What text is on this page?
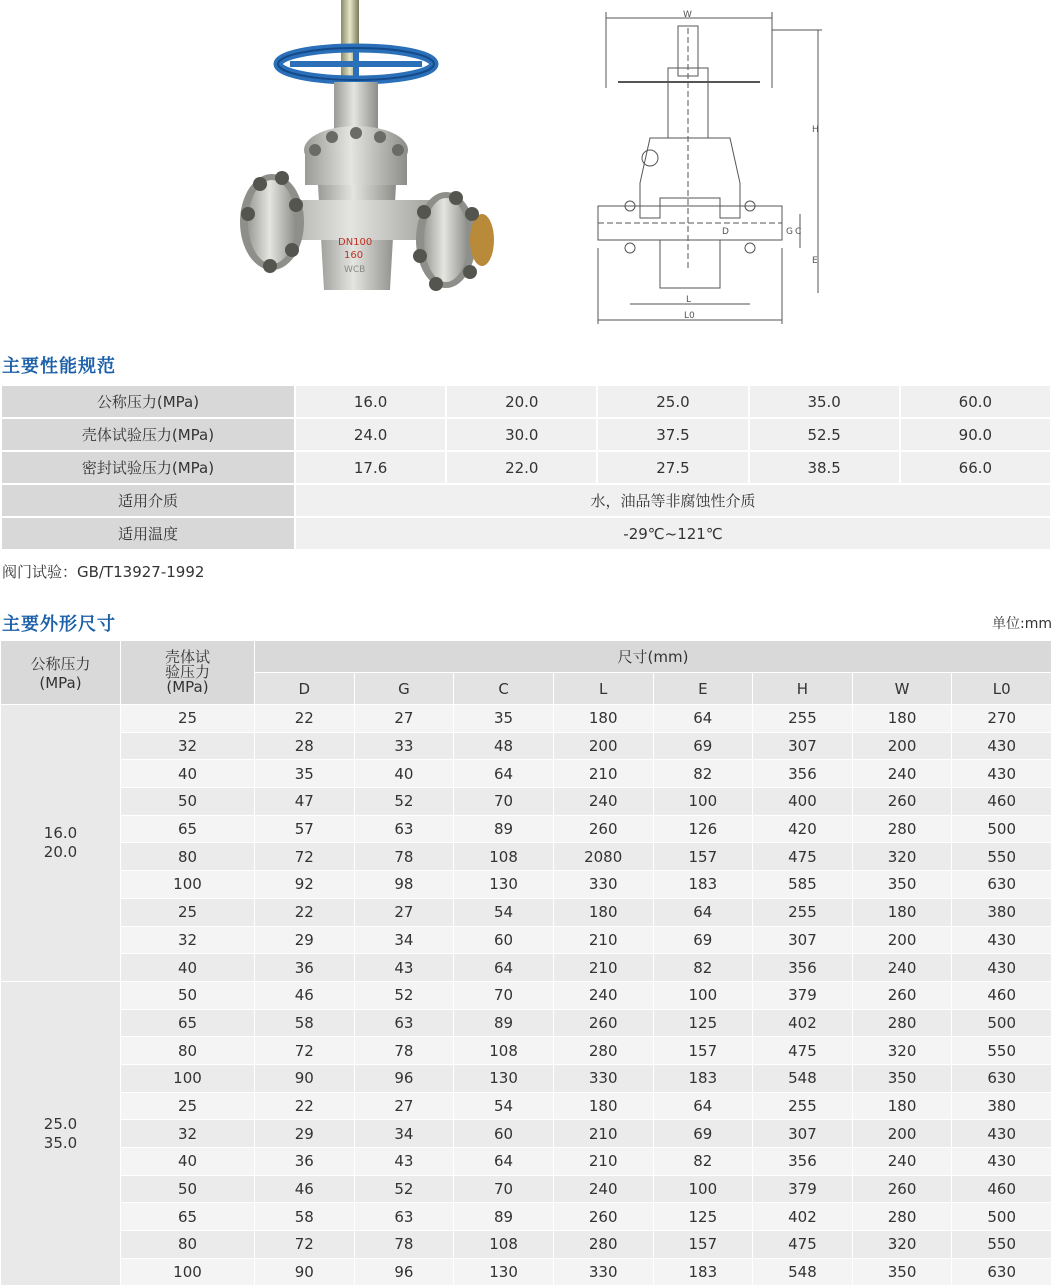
DN100
160
WCB
W
H
E
G C
D
L
L0
主要性能规范
公称压力(MPa)	16.0	20.0	25.0	35.0	60.0
壳体试验压力(MPa)	24.0	30.0	37.5	52.5	90.0
密封试验压力(MPa)	17.6	22.0	27.5	38.5	66.0
适用介质	水，油品等非腐蚀性介质				
适用温度	-29℃~121℃				
阀门试验：GB/T13927-1992
主要外形尺寸	单位:mm
公称压力
(MPa)	壳体试
验压力
(MPa)	尺寸(mm)							
		D	G	C	L	E	H	W	L0
16.0
20.0	25	22	27	35	180	64	255	180	270
	32	28	33	48	200	69	307	200	430
	40	35	40	64	210	82	356	240	430
	50	47	52	70	240	100	400	260	460
	65	57	63	89	260	126	420	280	500
	80	72	78	108	2080	157	475	320	550
	100	92	98	130	330	183	585	350	630
	25	22	27	54	180	64	255	180	380
	32	29	34	60	210	69	307	200	430
	40	36	43	64	210	82	356	240	430
25.0
35.0	50	46	52	70	240	100	379	260	460
	65	58	63	89	260	125	402	280	500
	80	72	78	108	280	157	475	320	550
	100	90	96	130	330	183	548	350	630
	25	22	27	54	180	64	255	180	380
	32	29	34	60	210	69	307	200	430
	40	36	43	64	210	82	356	240	430
	50	46	52	70	240	100	379	260	460
	65	58	63	89	260	125	402	280	500
	80	72	78	108	280	157	475	320	550
	100	90	96	130	330	183	548	350	630
